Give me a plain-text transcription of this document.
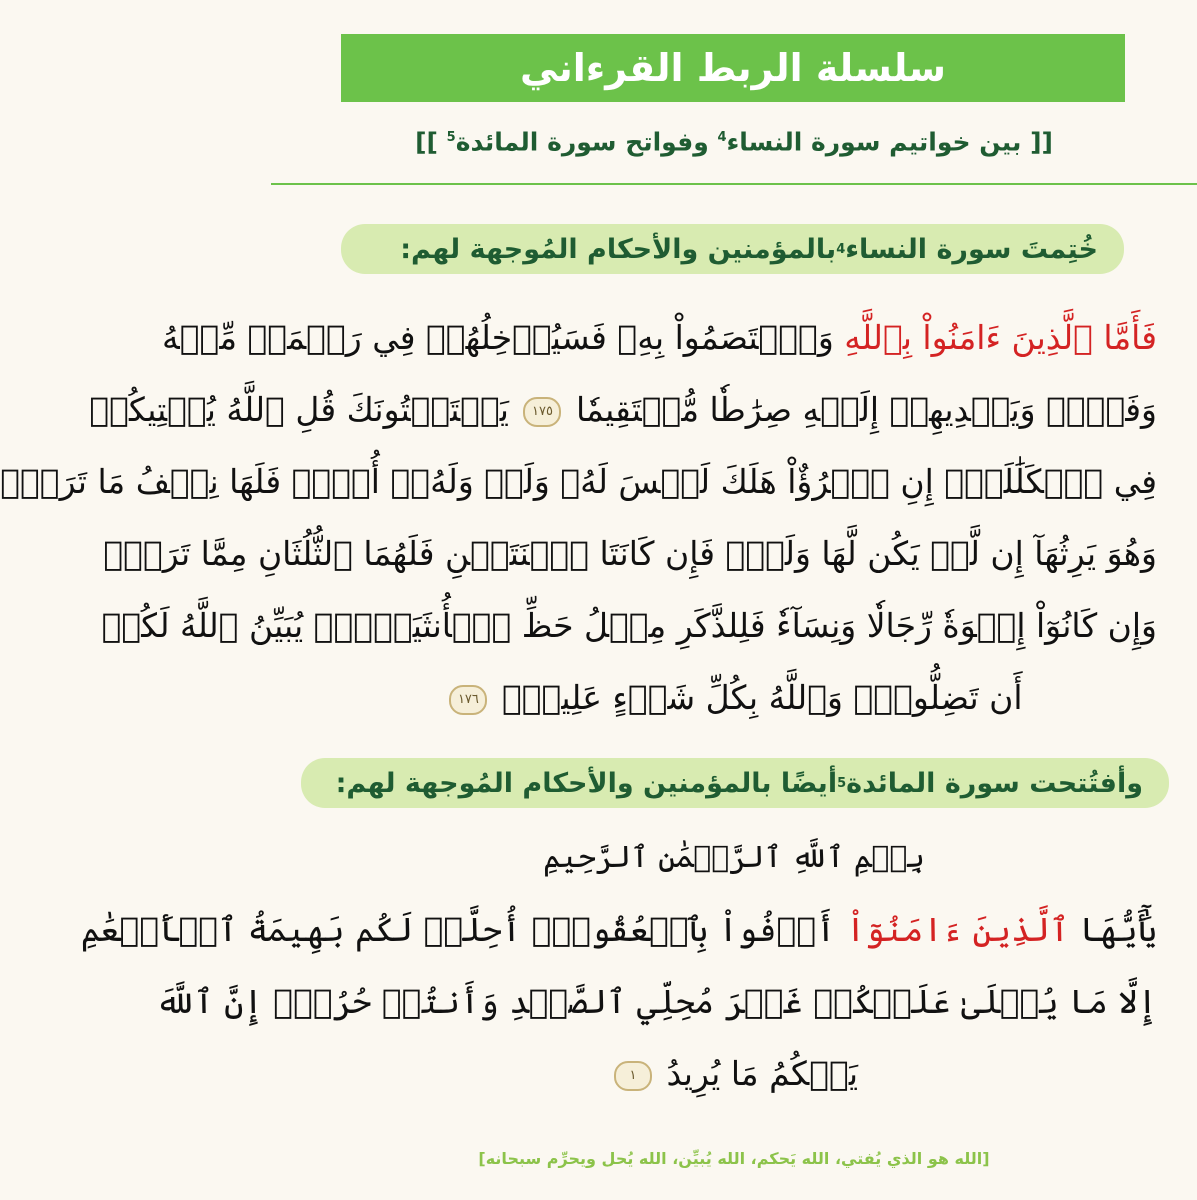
سلسلة الربط القرءاني
[[ بين خواتيم سورة النساء$^4$ وفواتح سورة المائدة$^5$ ]]
خُتِمتَ سورة النساء
4
بالمؤمنين والأحكام المُوجهة لهم:
فَأَمَّا ٱلَّذِينَ ءَامَنُواْ بِٱللَّهِ وَٱعۡتَصَمُواْ بِهِۦ فَسَيُدۡخِلُهُمۡ فِي رَحۡمَةٖ مِّنۡهُ
وَفَضۡلٖ وَيَهۡدِيهِمۡ إِلَيۡهِ صِرَٰطٗا مُّسۡتَقِيمٗا ١٧٥ يَسۡتَفۡتُونَكَ قُلِ ٱللَّهُ يُفۡتِيكُمۡ
فِي ٱلۡكَلَٰلَةِۚ إِنِ ٱمۡرُؤٌاْ هَلَكَ لَيۡسَ لَهُۥ وَلَدٞ وَلَهُۥٓ أُخۡتٞ فَلَهَا نِصۡفُ مَا تَرَكَۚ
وَهُوَ يَرِثُهَآ إِن لَّمۡ يَكُن لَّهَا وَلَدٞۚ فَإِن كَانَتَا ٱثۡنَتَيۡنِ فَلَهُمَا ٱلثُّلُثَانِ مِمَّا تَرَكَۚ
وَإِن كَانُوٓاْ إِخۡوَةٗ رِّجَالٗا وَنِسَآءٗ فَلِلذَّكَرِ مِثۡلُ حَظِّ ٱلۡأُنثَيَيۡنِۗ يُبَيِّنُ ٱللَّهُ لَكُمۡ
أَن تَضِلُّواْۗ وَٱللَّهُ بِكُلِّ شَيۡءٍ عَلِيمُۢ ١٧٦
وأفتُتحت سورة المائدة
5
أيضًا بالمؤمنين والأحكام المُوجهة لهم:
بِسۡمِ ٱللَّهِ ٱلرَّحۡمَٰنِ ٱلرَّحِيمِ
يَٰٓأَيُّهَا ٱلَّذِينَ ءَامَنُوٓاْ أَوۡفُواْ بِٱلۡعُقُودِۚ أُحِلَّتۡ لَكُم بَهِيمَةُ ٱلۡأَنۡعَٰمِ
إِلَّا مَا يُتۡلَىٰ عَلَيۡكُمۡ غَيۡرَ مُحِلِّي ٱلصَّيۡدِ وَأَنتُمۡ حُرُمٌۗ إِنَّ ٱللَّهَ
يَحۡكُمُ مَا يُرِيدُ ١
[الله هو الذي يُفتي، الله يَحكم، الله يُبيِّن، الله يُحل ويحرِّم سبحانه]
